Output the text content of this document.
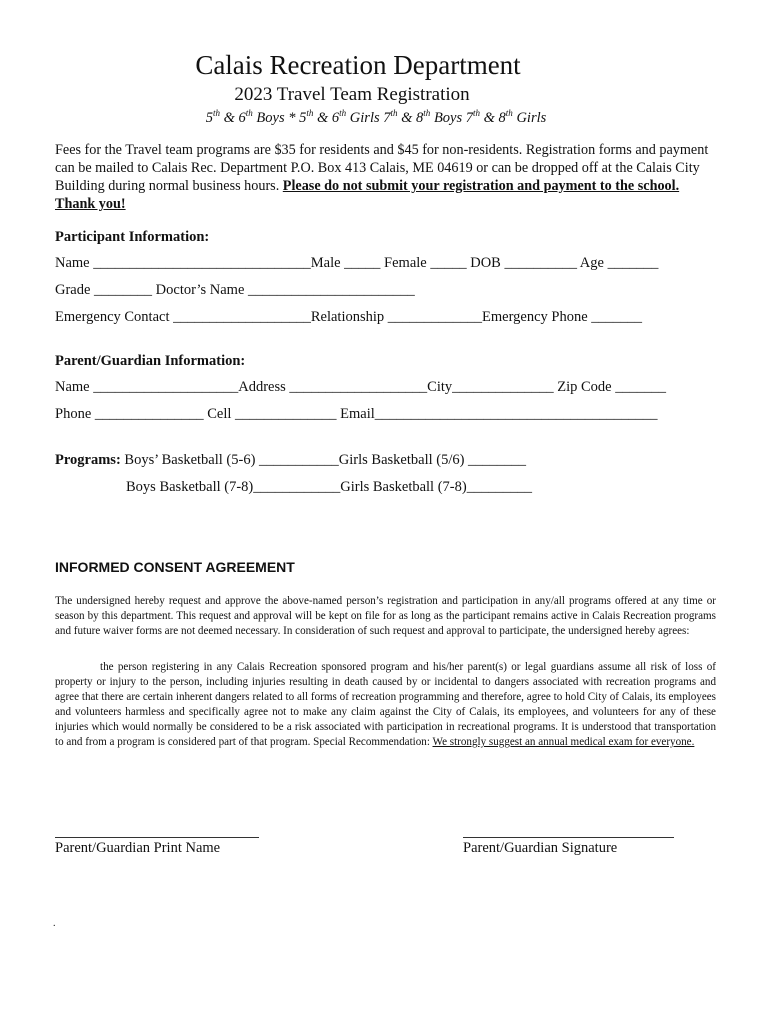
Calais Recreation Department
2023 Travel Team Registration
5th & 6th Boys * 5th & 6th Girls 7th & 8th Boys 7th & 8th Girls
Fees for the Travel team programs are $35 for residents and $45 for non-residents. Registration forms and payment can be mailed to Calais Rec. Department P.O. Box 413 Calais, ME 04619 or can be dropped off at the Calais City Building during normal business hours. Please do not submit your registration and payment to the school. Thank you!
Participant Information:
Name ______________________________Male _____ Female _____ DOB __________ Age _______
Grade ________ Doctor’s Name _______________________
Emergency Contact ___________________Relationship _____________Emergency Phone _______
Parent/Guardian Information:
Name ____________________Address ___________________City______________ Zip Code _______
Phone _______________ Cell ______________ Email_______________________________________
Programs: Boys’ Basketball (5-6) ___________Girls Basketball (5/6) ________
Boys Basketball (7-8)____________Girls Basketball (7-8)_________
INFORMED CONSENT AGREEMENT
The undersigned hereby request and approve the above-named person’s registration and participation in any/all programs offered at any time or season by this department. This request and approval will be kept on file for as long as the participant remains active in Calais Recreation programs and future waiver forms are not deemed necessary. In consideration of such request and approval to participate, the undersigned hereby agrees:
the person registering in any Calais Recreation sponsored program and his/her parent(s) or legal guardians assume all risk of loss of property or injury to the person, including injuries resulting in death caused by or incidental to dangers associated with recreation programs and agree that there are certain inherent dangers related to all forms of recreation programming and therefore, agree to hold City of Calais, its employees and volunteers harmless and specifically agree not to make any claim against the City of Calais, its employees, and volunteers for any of these injuries which would normally be considered to be a risk associated with participation in recreational programs. It is understood that transportation to and from a program is considered part of that program. Special Recommendation: We strongly suggest an annual medical exam for everyone.
Parent/Guardian Print Name	Parent/Guardian Signature
.
